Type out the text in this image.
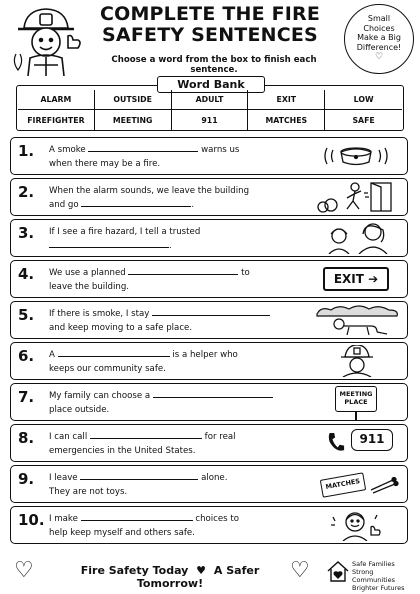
COMPLETE THE FIRE
SAFETY SENTENCES
Choose a word from the box to finish each sentence.
Small
Choices
Make a Big
Difference!
♡
Word Bank
ALARM	OUTSIDE	ADULT	EXIT	LOW
FIREFIGHTER	MEETING	911	MATCHES	SAFE
1. A smoke	warns us
when there may be a fire.
2. When the alarm sounds, we leave the building
and go	.
3. If I see a fire hazard, I tell a trusted
.
4. We use a planned	to
leave the building.
EXIT ➔
5. If there is smoke, I stay
and keep moving to a safe place.
6. A	is a helper who
keeps our community safe.
7. My family can choose a
place outside.
MEETING
PLACE
8. I can call	for real
emergencies in the United States.
911
9. I leave	alone.
They are not toys.
MATCHES
10. I make	choices to
help keep myself and others safe.
♡	Fire Safety Today ♥ A Safer Tomorrow!
♡	Safe Families
Strong Communities
Brighter Futures
